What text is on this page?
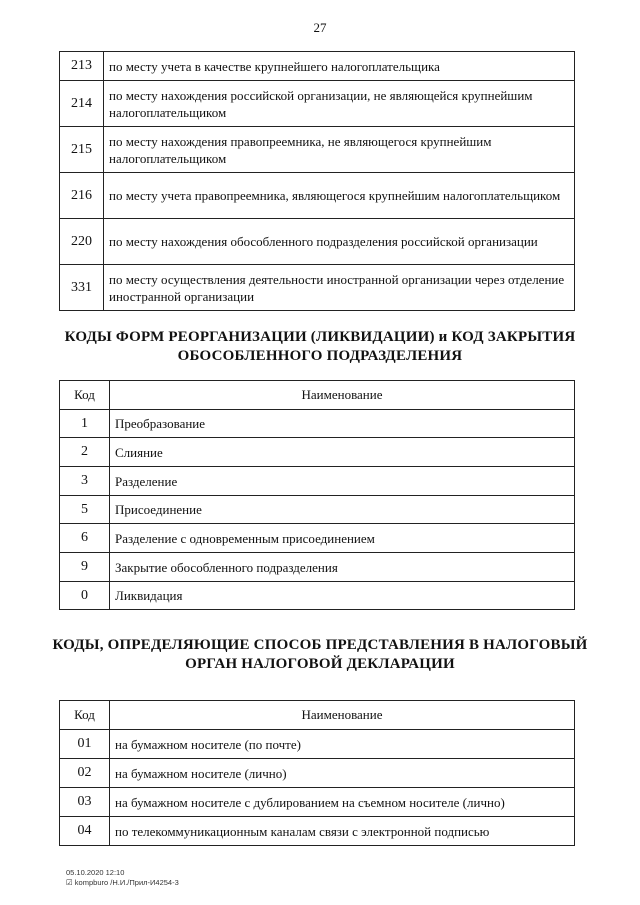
27
213	по месту учета в качестве крупнейшего налогоплательщика
214	по месту нахождения российской организации, не являющейся крупнейшим налогоплательщиком
215	по месту нахождения правопреемника, не являющегося крупнейшим налогоплательщиком
216	по месту учета правопреемника, являющегося крупнейшим налогоплательщиком
220	по месту нахождения обособленного подразделения российской организации
331	по месту осуществления деятельности иностранной организации через отделение иностранной организации
КОДЫ ФОРМ РЕОРГАНИЗАЦИИ (ЛИКВИДАЦИИ) и КОД ЗАКРЫТИЯ
ОБОСОБЛЕННОГО ПОДРАЗДЕЛЕНИЯ
Код	Наименование
1	Преобразование
2	Слияние
3	Разделение
5	Присоединение
6	Разделение с одновременным присоединением
9	Закрытие обособленного подразделения
0	Ликвидация
КОДЫ, ОПРЕДЕЛЯЮЩИЕ СПОСОБ ПРЕДСТАВЛЕНИЯ В НАЛОГОВЫЙ
ОРГАН НАЛОГОВОЙ ДЕКЛАРАЦИИ
Код	Наименование
01	на бумажном носителе (по почте)
02	на бумажном носителе (лично)
03	на бумажном носителе с дублированием на съемном носителе (лично)
04	по телекоммуникационным каналам связи с электронной подписью
05.10.2020 12:10
☑ kompburo /Н.И./Прил-И4254-3
